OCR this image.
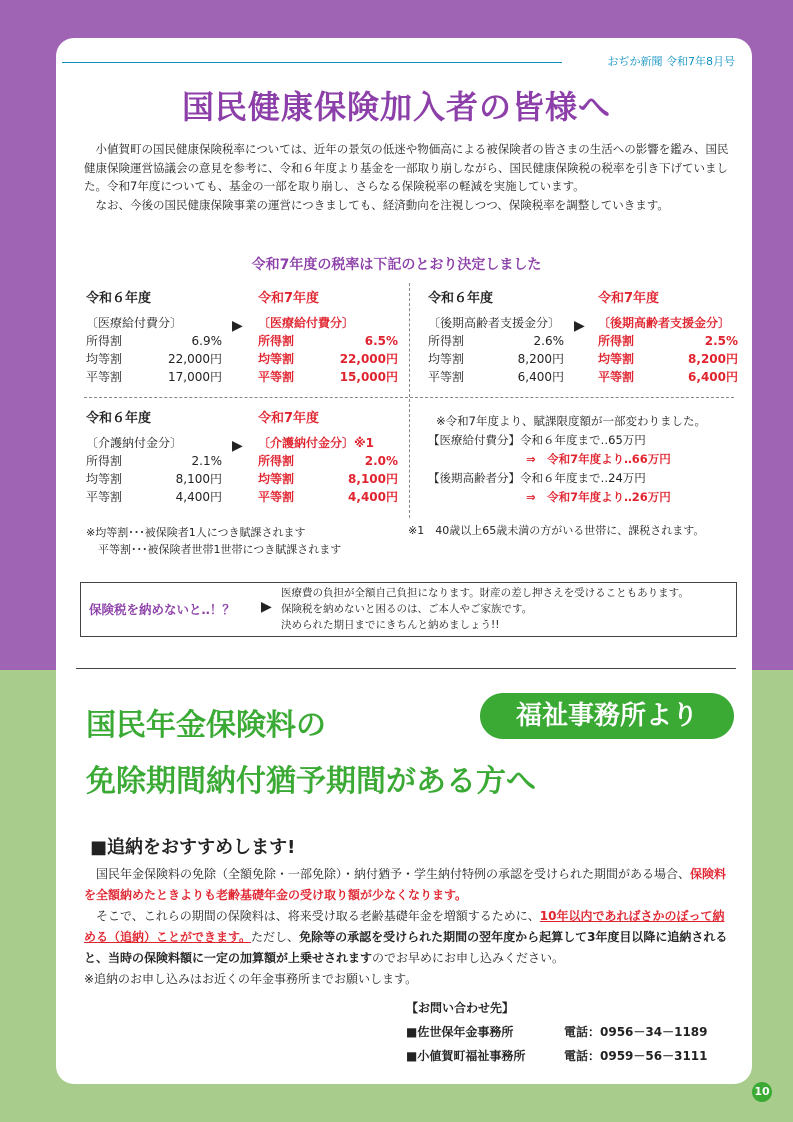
おぢか新聞 令和7年8月号
国民健康保険加入者の皆様へ

小値賀町の国民健康保険税率については、近年の景気の低迷や物価高による被保険者の皆さまの生活への影響を鑑み、国民健康保険運営協議会の意見を参考に、令和６年度より基金を一部取り崩しながら、国民健康保険税の税率を引き下げていました。令和7年度についても、基金の一部を取り崩し、さらなる保険税率の軽減を実施しています。

なお、今後の国民健康保険事業の運営につきましても、経済動向を注視しつつ、保険税率を調整していきます。

令和7年度の税率は下記のとおり決定しました
令和６年度
〔医療給付費分〕
所得割	6.9%
均等割	22,000円
平等割	17,000円
▶
令和7年度
〔医療給付費分〕
所得割	6.5%
均等割	22,000円
平等割	15,000円
令和６年度
〔後期高齢者支援金分〕
所得割	2.6%
均等割	8,200円
平等割	6,400円
▶
令和7年度
〔後期高齢者支援金分〕
所得割	2.5%
均等割	8,200円
平等割	6,400円
令和６年度
〔介護納付金分〕
所得割	2.1%
均等割	8,100円
平等割	4,400円
▶
令和7年度
〔介護納付金分〕※1
所得割	2.0%
均等割	8,100円
平等割	4,400円
※令和7年度より、賦課限度額が一部変わりました。
【医療給付費分】令和６年度まで‥65万円
⇒　令和7年度より‥66万円
【後期高齢者分】令和６年度まで‥24万円
⇒　令和7年度より‥26万円
※均等割･･･被保険者1人につき賦課されます
平等割･･･被保険者世帯1世帯につき賦課されます
※1　40歳以上65歳未満の方がいる世帯に、課税されます。
保険税を納めないと‥！？ ▶
医療費の負担が全額自己負担になります。財産の差し押さえを受けることもあります。
保険税を納めないと困るのは、ご本人やご家族です。
決められた期日までにきちんと納めましょう!!
国民年金保険料の
免除期間納付猶予期間がある方へ
福祉事務所より
■追納をおすすめします!

国民年金保険料の免除（全額免除・一部免除）・納付猶予・学生納付特例の承認を受けられた期間がある場合、保険料を全額納めたときよりも老齢基礎年金の受け取り額が少なくなります。

そこで、これらの期間の保険料は、将来受け取る老齢基礎年金を増額するために、10年以内であればさかのぼって納める（追納）ことができます。ただし、免除等の承認を受けられた期間の翌年度から起算して3年度目以降に追納されると、当時の保険料額に一定の加算額が上乗せされますのでお早めにお申し込みください。

※追納のお申し込みはお近くの年金事務所までお願いします。

【お問い合わせ先】
■佐世保年金事務所	電話：0956－34－1189
■小値賀町福祉事務所	電話：0959－56－3111
10
